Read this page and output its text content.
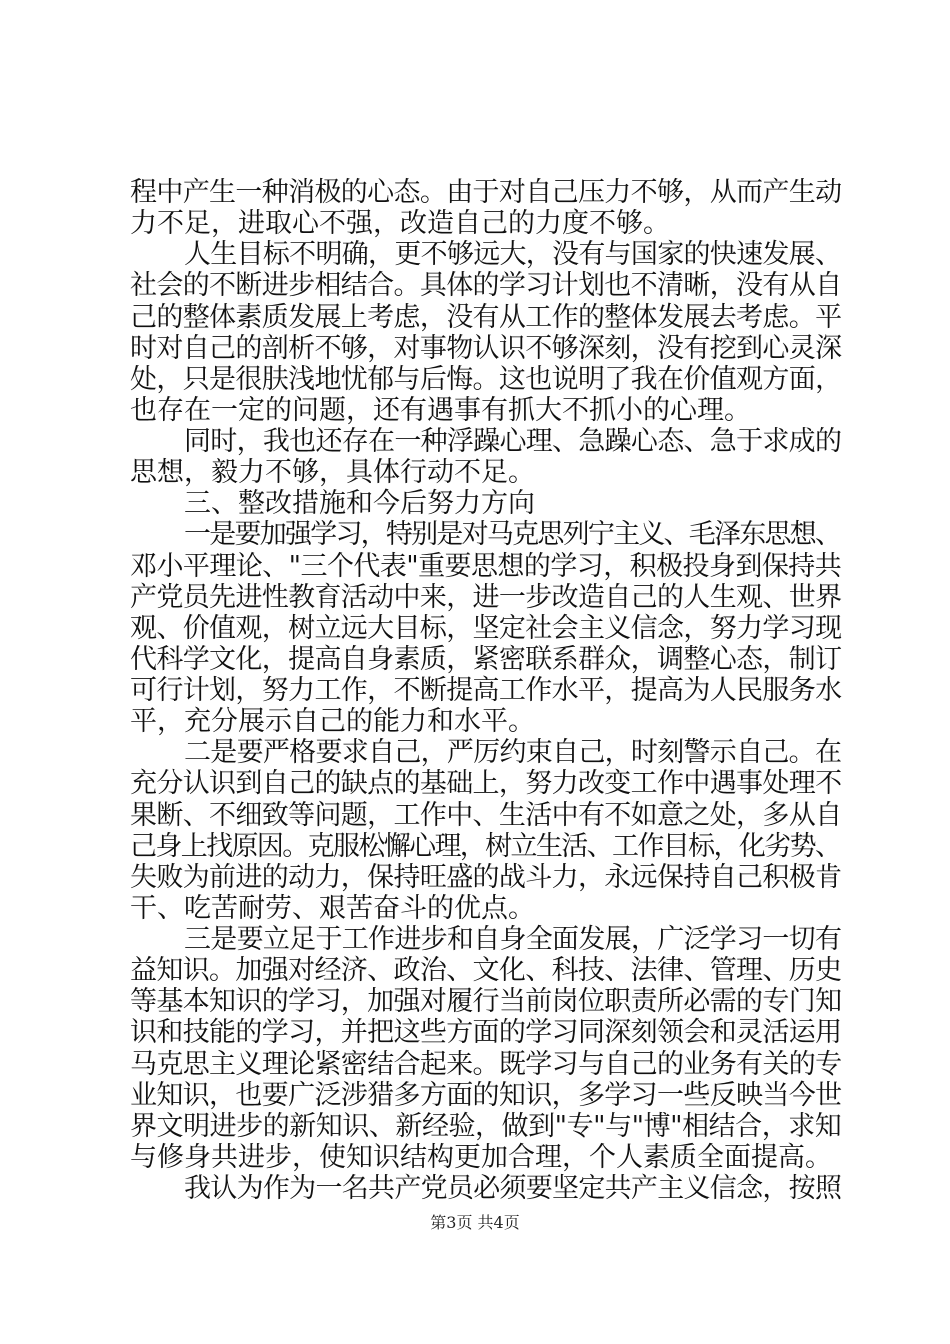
程中产生一种消极的心态。由于对自己压力不够，从而产生动
力不足，进取心不强，改造自己的力度不够。
人生目标不明确，更不够远大，没有与国家的快速发展、
社会的不断进步相结合。具体的学习计划也不清晰，没有从自
己的整体素质发展上考虑，没有从工作的整体发展去考虑。平
时对自己的剖析不够，对事物认识不够深刻，没有挖到心灵深
处，只是很肤浅地忧郁与后悔。这也说明了我在价值观方面，
也存在一定的问题，还有遇事有抓大不抓小的心理。
同时，我也还存在一种浮躁心理、急躁心态、急于求成的
思想，毅力不够，具体行动不足。
三、整改措施和今后努力方向
一是要加强学习，特别是对马克思列宁主义、毛泽东思想、
邓小平理论、"三个代表"重要思想的学习，积极投身到保持共
产党员先进性教育活动中来，进一步改造自己的人生观、世界
观、价值观，树立远大目标，坚定社会主义信念，努力学习现
代科学文化，提高自身素质，紧密联系群众，调整心态，制订
可行计划，努力工作，不断提高工作水平，提高为人民服务水
平，充分展示自己的能力和水平。
二是要严格要求自己，严厉约束自己，时刻警示自己。在
充分认识到自己的缺点的基础上，努力改变工作中遇事处理不
果断、不细致等问题，工作中、生活中有不如意之处，多从自
己身上找原因。克服松懈心理，树立生活、工作目标，化劣势、
失败为前进的动力，保持旺盛的战斗力，永远保持自己积极肯
干、吃苦耐劳、艰苦奋斗的优点。
三是要立足于工作进步和自身全面发展，广泛学习一切有
益知识。加强对经济、政治、文化、科技、法律、管理、历史
等基本知识的学习，加强对履行当前岗位职责所必需的专门知
识和技能的学习，并把这些方面的学习同深刻领会和灵活运用
马克思主义理论紧密结合起来。既学习与自己的业务有关的专
业知识，也要广泛涉猎多方面的知识，多学习一些反映当今世
界文明进步的新知识、新经验，做到"专"与"博"相结合，求知
与修身共进步，使知识结构更加合理，个人素质全面提高。
我认为作为一名共产党员必须要坚定共产主义信念，按照
第3页 共4页
